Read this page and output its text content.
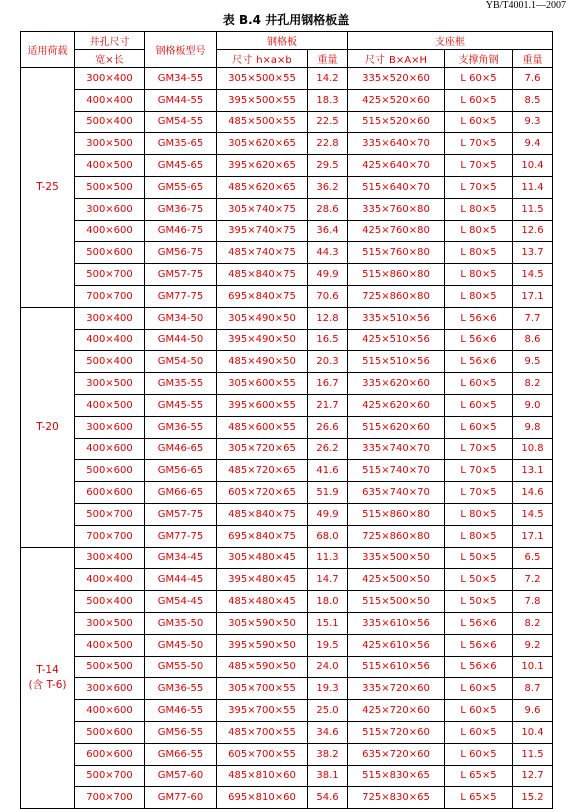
YB/T4001.1—2007
表 B.4 井孔用钢格板盖
适用荷载	井孔尺寸	钢格板型号	钢格板		支座框		
	宽×长		尺寸 h×a×b	重量	尺寸 B×A×H	支撑角钢	重量

T-25	300×400	GM34-55	305×500×55	14.2	335×520×60	L 60×5	7.6
	400×400	GM44-55	395×500×55	18.3	425×520×60	L 60×5	8.5
	500×400	GM54-55	485×500×55	22.5	515×520×60	L 60×5	9.3
	300×500	GM35-65	305×620×65	22.8	335×640×70	L 70×5	9.4
	400×500	GM45-65	395×620×65	29.5	425×640×70	L 70×5	10.4
	500×500	GM55-65	485×620×65	36.2	515×640×70	L 70×5	11.4
	300×600	GM36-75	305×740×75	28.6	335×760×80	L 80×5	11.5
	400×600	GM46-75	395×740×75	36.4	425×760×80	L 80×5	12.6
	500×600	GM56-75	485×740×75	44.3	515×760×80	L 80×5	13.7
	500×700	GM57-75	485×840×75	49.9	515×860×80	L 80×5	14.5
	700×700	GM77-75	695×840×75	70.6	725×860×80	L 80×5	17.1

T-20	300×400	GM34-50	305×490×50	12.8	335×510×56	L 56×6	7.7
	400×400	GM44-50	395×490×50	16.5	425×510×56	L 56×6	8.6
	500×400	GM54-50	485×490×50	20.3	515×510×56	L 56×6	9.5
	300×500	GM35-55	305×600×55	16.7	335×620×60	L 60×5	8.2
	400×500	GM45-55	395×600×55	21.7	425×620×60	L 60×5	9.0
	300×600	GM36-55	485×600×55	26.6	515×620×60	L 60×5	9.8
	400×600	GM46-65	305×720×65	26.2	335×740×70	L 70×5	10.8
	500×600	GM56-65	485×720×65	41.6	515×740×70	L 70×5	13.1
	600×600	GM66-65	605×720×65	51.9	635×740×70	L 70×5	14.6
	500×700	GM57-75	485×840×75	49.9	515×860×80	L 80×5	14.5
	700×700	GM77-75	695×840×75	68.0	725×860×80	L 80×5	17.1

T-14
(含 T-6)	300×400	GM34-45	305×480×45	11.3	335×500×50	L 50×5	6.5
	400×400	GM44-45	395×480×45	14.7	425×500×50	L 50×5	7.2
	500×400	GM54-45	485×480×45	18.0	515×500×50	L 50×5	7.8
	300×500	GM35-50	305×590×50	15.1	335×610×56	L 56×6	8.2
	400×500	GM45-50	395×590×50	19.5	425×610×56	L 56×6	9.2
	500×500	GM55-50	485×590×50	24.0	515×610×56	L 56×6	10.1
	300×600	GM36-55	305×700×55	19.3	335×720×60	L 60×5	8.7
	400×600	GM46-55	395×700×55	25.0	425×720×60	L 60×5	9.6
	500×600	GM56-55	485×700×55	34.6	515×720×60	L 60×5	10.4
	600×600	GM66-55	605×700×55	38.2	635×720×60	L 60×5	11.5
	500×700	GM57-60	485×810×60	38.1	515×830×65	L 65×5	12.7
	700×700	GM77-60	695×810×60	54.6	725×830×65	L 65×5	15.2
